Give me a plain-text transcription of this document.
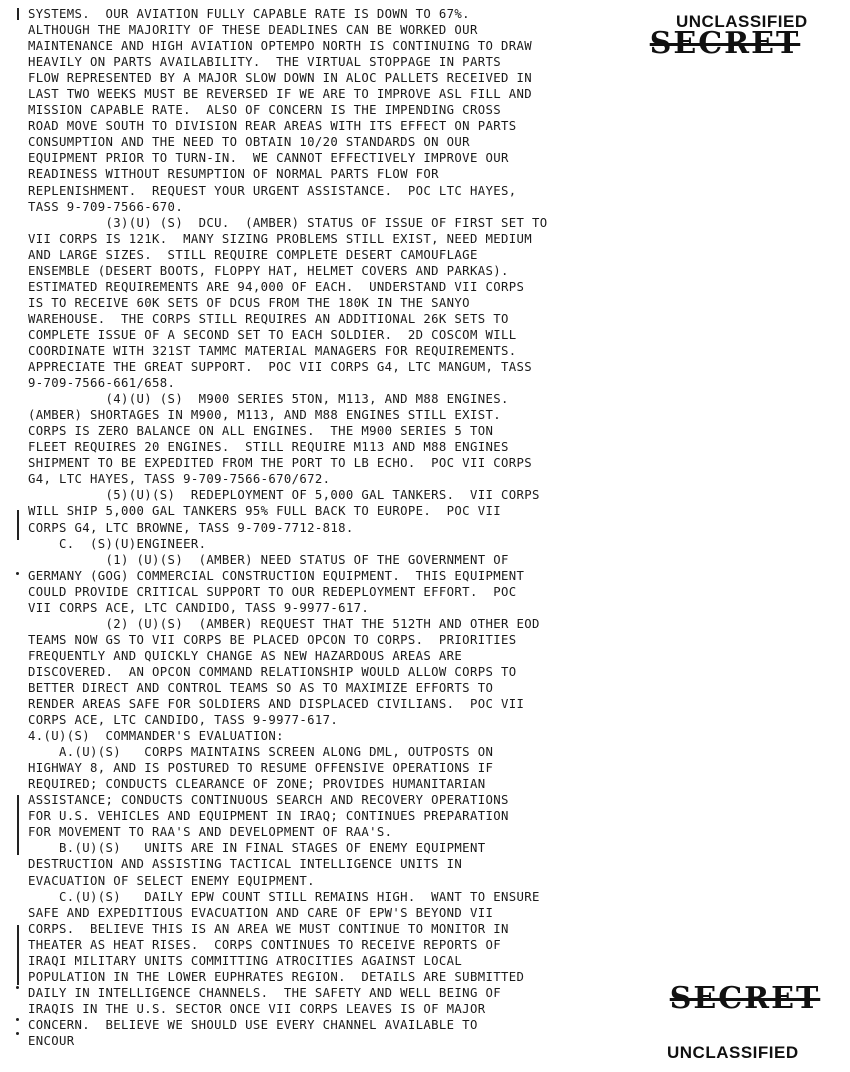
SYSTEMS.  OUR AVIATION FULLY CAPABLE RATE IS DOWN TO 67%.
ALTHOUGH THE MAJORITY OF THESE DEADLINES CAN BE WORKED OUR
MAINTENANCE AND HIGH AVIATION OPTEMPO NORTH IS CONTINUING TO DRAW
HEAVILY ON PARTS AVAILABILITY.  THE VIRTUAL STOPPAGE IN PARTS
FLOW REPRESENTED BY A MAJOR SLOW DOWN IN ALOC PALLETS RECEIVED IN
LAST TWO WEEKS MUST BE REVERSED IF WE ARE TO IMPROVE ASL FILL AND
MISSION CAPABLE RATE.  ALSO OF CONCERN IS THE IMPENDING CROSS
ROAD MOVE SOUTH TO DIVISION REAR AREAS WITH ITS EFFECT ON PARTS
CONSUMPTION AND THE NEED TO OBTAIN 10/20 STANDARDS ON OUR
EQUIPMENT PRIOR TO TURN-IN.  WE CANNOT EFFECTIVELY IMPROVE OUR
READINESS WITHOUT RESUMPTION OF NORMAL PARTS FLOW FOR
REPLENISHMENT.  REQUEST YOUR URGENT ASSISTANCE.  POC LTC HAYES,
TASS 9-709-7566-670.
(3)(U) (S)  DCU.  (AMBER) STATUS OF ISSUE OF FIRST SET TO
VII CORPS IS 121K.  MANY SIZING PROBLEMS STILL EXIST, NEED MEDIUM
AND LARGE SIZES.  STILL REQUIRE COMPLETE DESERT CAMOUFLAGE
ENSEMBLE (DESERT BOOTS, FLOPPY HAT, HELMET COVERS AND PARKAS).
ESTIMATED REQUIREMENTS ARE 94,000 OF EACH.  UNDERSTAND VII CORPS
IS TO RECEIVE 60K SETS OF DCUS FROM THE 180K IN THE SANYO
WAREHOUSE.  THE CORPS STILL REQUIRES AN ADDITIONAL 26K SETS TO
COMPLETE ISSUE OF A SECOND SET TO EACH SOLDIER.  2D COSCOM WILL
COORDINATE WITH 321ST TAMMC MATERIAL MANAGERS FOR REQUIREMENTS.
APPRECIATE THE GREAT SUPPORT.  POC VII CORPS G4, LTC MANGUM, TASS
9-709-7566-661/658.
(4)(U) (S)  M900 SERIES 5TON, M113, AND M88 ENGINES.
(AMBER) SHORTAGES IN M900, M113, AND M88 ENGINES STILL EXIST.
CORPS IS ZERO BALANCE ON ALL ENGINES.  THE M900 SERIES 5 TON
FLEET REQUIRES 20 ENGINES.  STILL REQUIRE M113 AND M88 ENGINES
SHIPMENT TO BE EXPEDITED FROM THE PORT TO LB ECHO.  POC VII CORPS
G4, LTC HAYES, TASS 9-709-7566-670/672.
(5)(U)(S)  REDEPLOYMENT OF 5,000 GAL TANKERS.  VII CORPS
WILL SHIP 5,000 GAL TANKERS 95% FULL BACK TO EUROPE.  POC VII
CORPS G4, LTC BROWNE, TASS 9-709-7712-818.
C.  (S)(U)ENGINEER.
(1) (U)(S)  (AMBER) NEED STATUS OF THE GOVERNMENT OF
GERMANY (GOG) COMMERCIAL CONSTRUCTION EQUIPMENT.  THIS EQUIPMENT
COULD PROVIDE CRITICAL SUPPORT TO OUR REDEPLOYMENT EFFORT.  POC
VII CORPS ACE, LTC CANDIDO, TASS 9-9977-617.
(2) (U)(S)  (AMBER) REQUEST THAT THE 512TH AND OTHER EOD
TEAMS NOW GS TO VII CORPS BE PLACED OPCON TO CORPS.  PRIORITIES
FREQUENTLY AND QUICKLY CHANGE AS NEW HAZARDOUS AREAS ARE
DISCOVERED.  AN OPCON COMMAND RELATIONSHIP WOULD ALLOW CORPS TO
BETTER DIRECT AND CONTROL TEAMS SO AS TO MAXIMIZE EFFORTS TO
RENDER AREAS SAFE FOR SOLDIERS AND DISPLACED CIVILIANS.  POC VII
CORPS ACE, LTC CANDIDO, TASS 9-9977-617.
4.(U)(S)  COMMANDER'S EVALUATION:
A.(U)(S)   CORPS MAINTAINS SCREEN ALONG DML, OUTPOSTS ON
HIGHWAY 8, AND IS POSTURED TO RESUME OFFENSIVE OPERATIONS IF
REQUIRED; CONDUCTS CLEARANCE OF ZONE; PROVIDES HUMANITARIAN
ASSISTANCE; CONDUCTS CONTINUOUS SEARCH AND RECOVERY OPERATIONS
FOR U.S. VEHICLES AND EQUIPMENT IN IRAQ; CONTINUES PREPARATION
FOR MOVEMENT TO RAA'S AND DEVELOPMENT OF RAA'S.
B.(U)(S)   UNITS ARE IN FINAL STAGES OF ENEMY EQUIPMENT
DESTRUCTION AND ASSISTING TACTICAL INTELLIGENCE UNITS IN
EVACUATION OF SELECT ENEMY EQUIPMENT.
C.(U)(S)   DAILY EPW COUNT STILL REMAINS HIGH.  WANT TO ENSURE
SAFE AND EXPEDITIOUS EVACUATION AND CARE OF EPW'S BEYOND VII
CORPS.  BELIEVE THIS IS AN AREA WE MUST CONTINUE TO MONITOR IN
THEATER AS HEAT RISES.  CORPS CONTINUES TO RECEIVE REPORTS OF
IRAQI MILITARY UNITS COMMITTING ATROCITIES AGAINST LOCAL
POPULATION IN THE LOWER EUPHRATES REGION.  DETAILS ARE SUBMITTED
DAILY IN INTELLIGENCE CHANNELS.  THE SAFETY AND WELL BEING OF
IRAQIS IN THE U.S. SECTOR ONCE VII CORPS LEAVES IS OF MAJOR
CONCERN.  BELIEVE WE SHOULD USE EVERY CHANNEL AVAILABLE TO
ENCOUR
UNCLASSIFIED
SECRET
SECRET
UNCLASSIFIED
